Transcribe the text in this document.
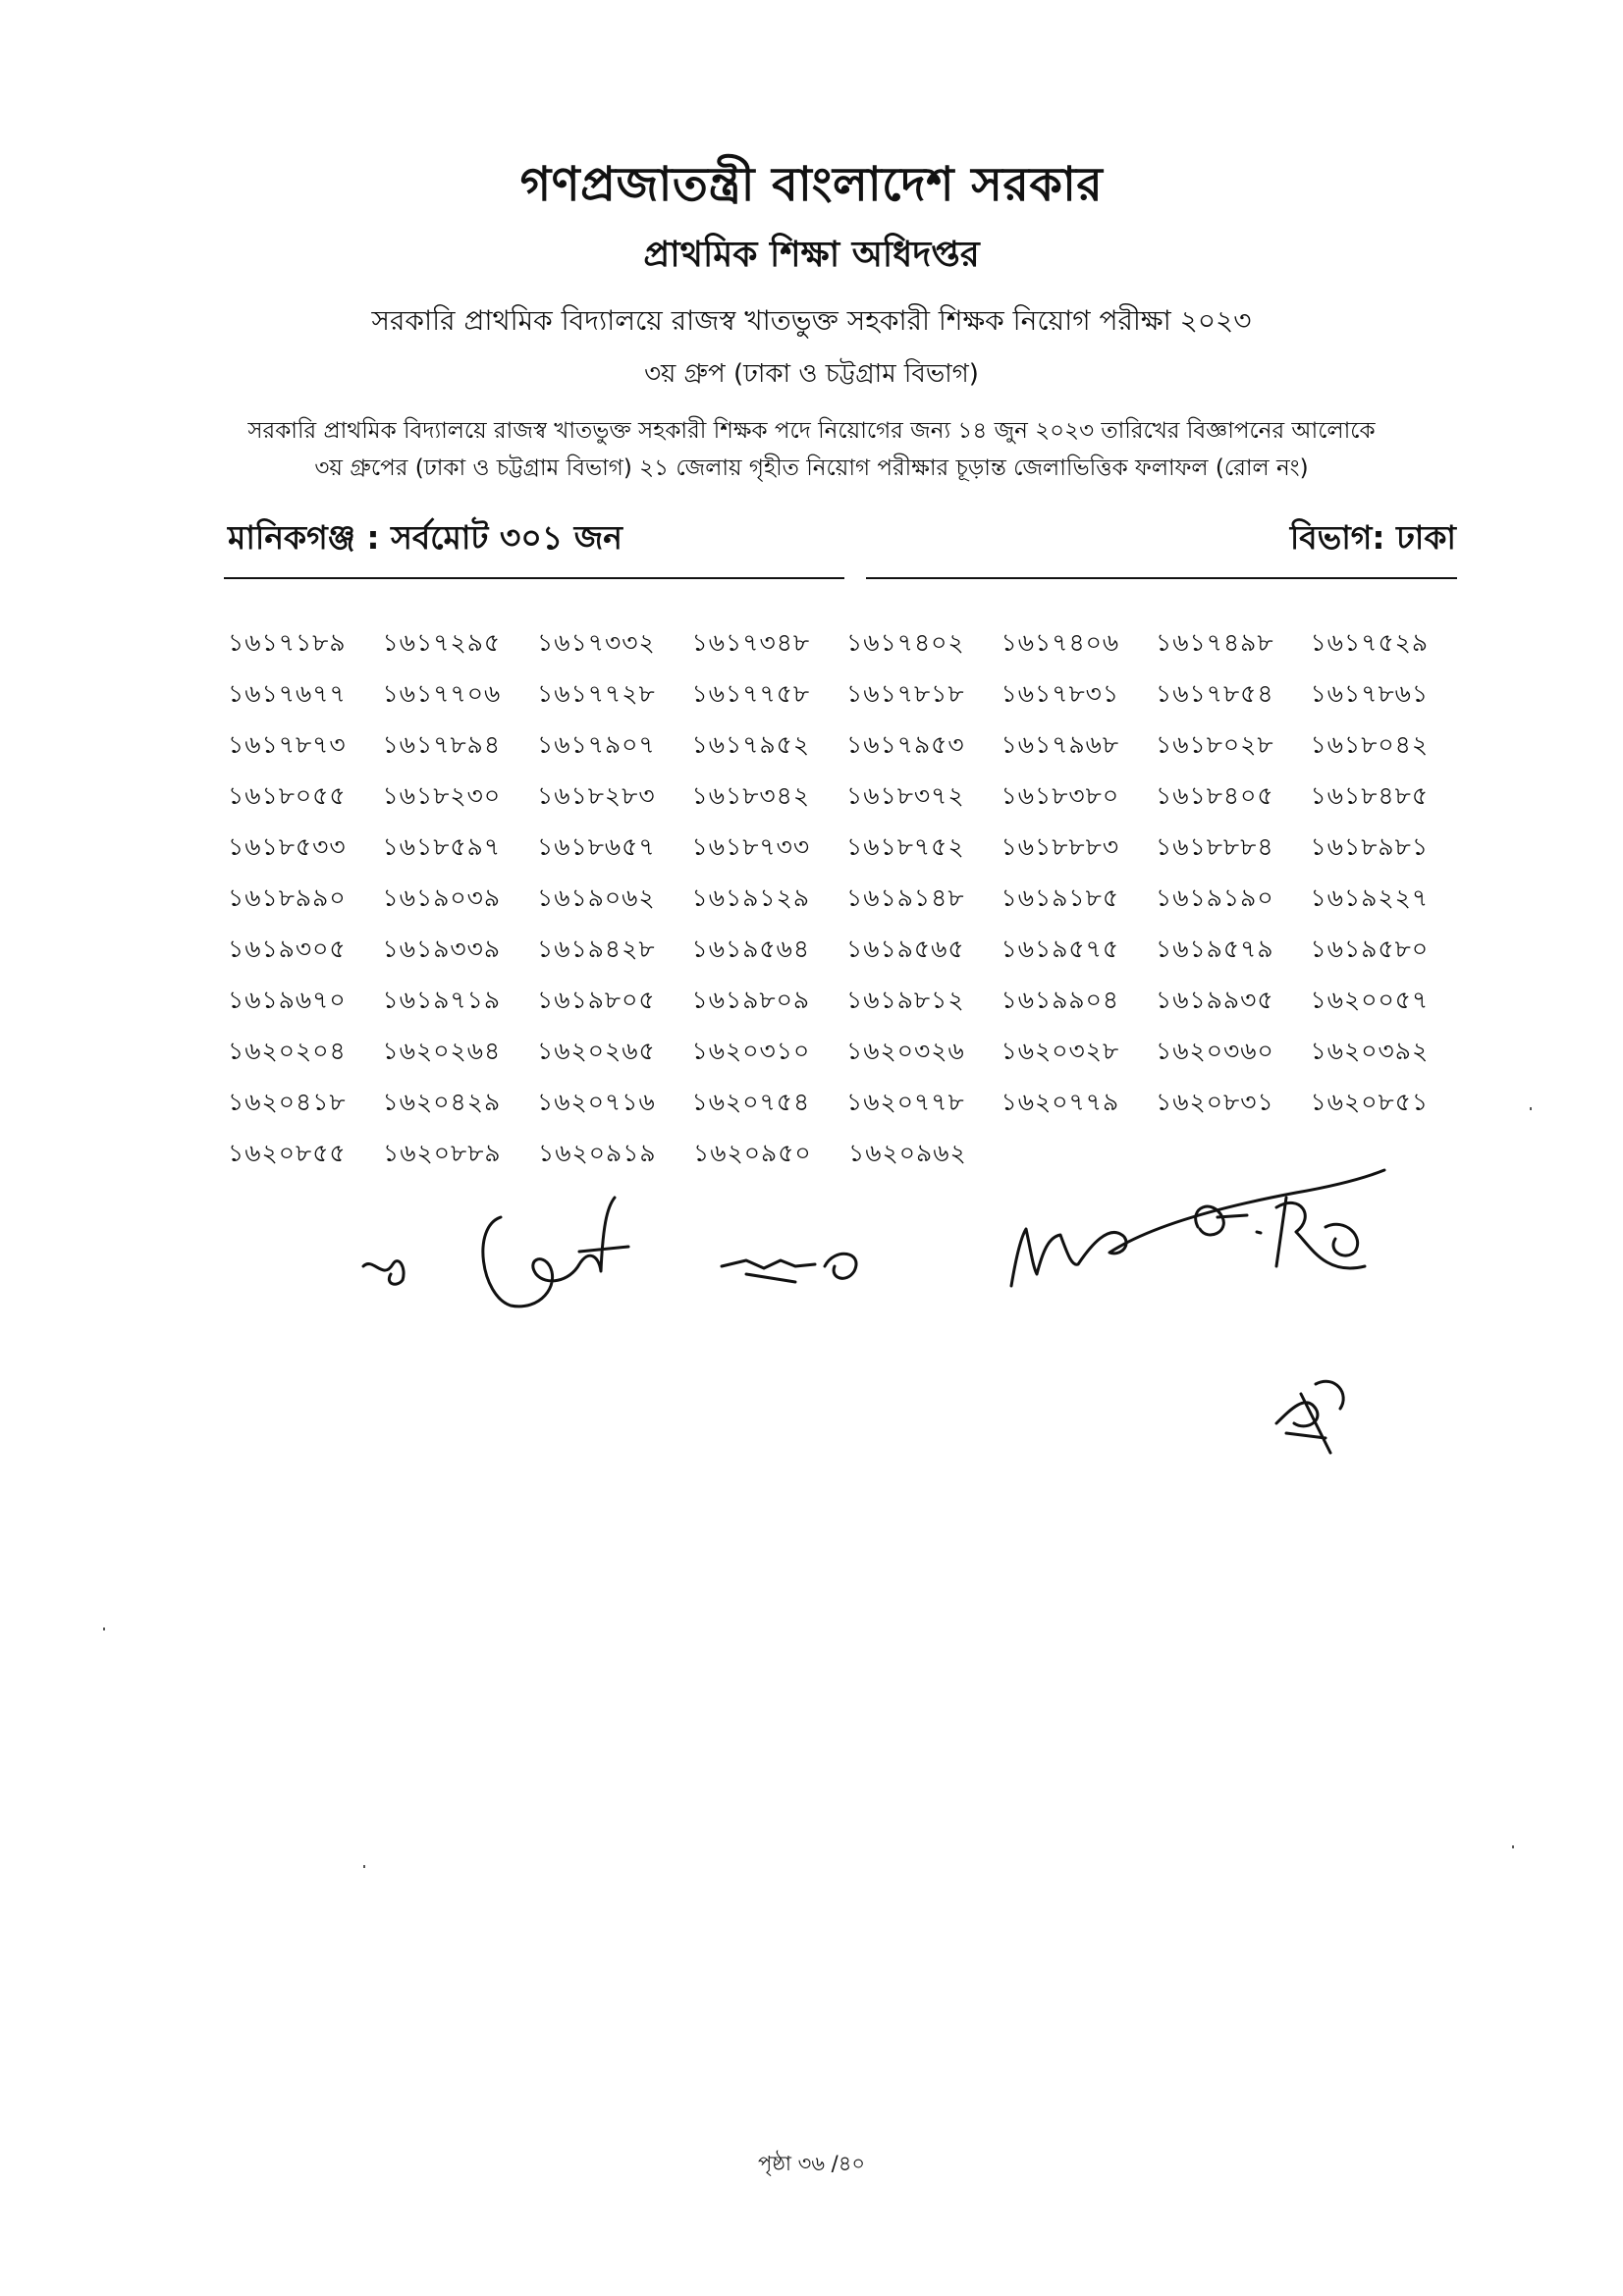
গণপ্রজাতন্ত্রী বাংলাদেশ সরকার
প্রাথমিক শিক্ষা অধিদপ্তর
সরকারি প্রাথমিক বিদ্যালয়ে রাজস্ব খাতভুক্ত সহকারী শিক্ষক নিয়োগ পরীক্ষা ২০২৩
৩য় গ্রুপ (ঢাকা ও চট্টগ্রাম বিভাগ)
সরকারি প্রাথমিক বিদ্যালয়ে রাজস্ব খাতভুক্ত সহকারী শিক্ষক পদে নিয়োগের জন্য ১৪ জুন ২০২৩ তারিখের বিজ্ঞাপনের আলোকে
৩য় গ্রুপের (ঢাকা ও চট্টগ্রাম বিভাগ) ২১ জেলায় গৃহীত নিয়োগ পরীক্ষার চূড়ান্ত জেলাভিত্তিক ফলাফল (রোল নং)
মানিকগঞ্জ : সর্বমোট ৩০১ জন	বিভাগ: ঢাকা
১৬১৭১৮৯	১৬১৭২৯৫	১৬১৭৩৩২	১৬১৭৩৪৮	১৬১৭৪০২	১৬১৭৪০৬	১৬১৭৪৯৮	১৬১৭৫২৯
১৬১৭৬৭৭	১৬১৭৭০৬	১৬১৭৭২৮	১৬১৭৭৫৮	১৬১৭৮১৮	১৬১৭৮৩১	১৬১৭৮৫৪	১৬১৭৮৬১
১৬১৭৮৭৩	১৬১৭৮৯৪	১৬১৭৯০৭	১৬১৭৯৫২	১৬১৭৯৫৩	১৬১৭৯৬৮	১৬১৮০২৮	১৬১৮০৪২
১৬১৮০৫৫	১৬১৮২৩০	১৬১৮২৮৩	১৬১৮৩৪২	১৬১৮৩৭২	১৬১৮৩৮০	১৬১৮৪০৫	১৬১৮৪৮৫
১৬১৮৫৩৩	১৬১৮৫৯৭	১৬১৮৬৫৭	১৬১৮৭৩৩	১৬১৮৭৫২	১৬১৮৮৮৩	১৬১৮৮৮৪	১৬১৮৯৮১
১৬১৮৯৯০	১৬১৯০৩৯	১৬১৯০৬২	১৬১৯১২৯	১৬১৯১৪৮	১৬১৯১৮৫	১৬১৯১৯০	১৬১৯২২৭
১৬১৯৩০৫	১৬১৯৩৩৯	১৬১৯৪২৮	১৬১৯৫৬৪	১৬১৯৫৬৫	১৬১৯৫৭৫	১৬১৯৫৭৯	১৬১৯৫৮০
১৬১৯৬৭০	১৬১৯৭১৯	১৬১৯৮০৫	১৬১৯৮০৯	১৬১৯৮১২	১৬১৯৯০৪	১৬১৯৯৩৫	১৬২০০৫৭
১৬২০২০৪	১৬২০২৬৪	১৬২০২৬৫	১৬২০৩১০	১৬২০৩২৬	১৬২০৩২৮	১৬২০৩৬০	১৬২০৩৯২
১৬২০৪১৮	১৬২০৪২৯	১৬২০৭১৬	১৬২০৭৫৪	১৬২০৭৭৮	১৬২০৭৭৯	১৬২০৮৩১	১৬২০৮৫১
১৬২০৮৫৫	১৬২০৮৮৯	১৬২০৯১৯	১৬২০৯৫০	১৬২০৯৬২
পৃষ্ঠা ৩৬ /৪০
